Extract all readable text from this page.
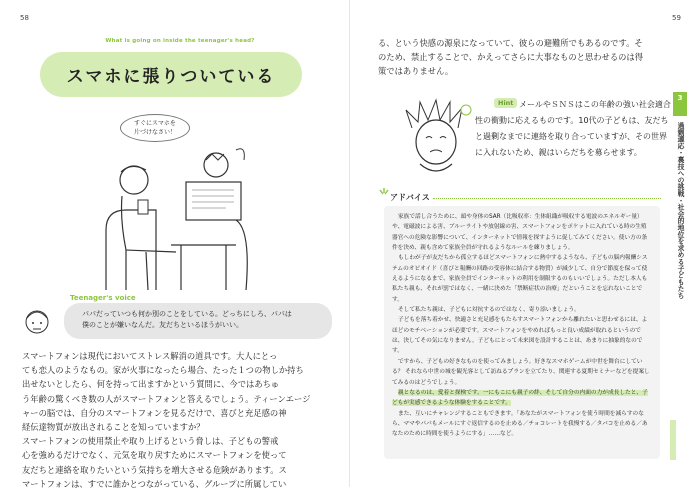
58
What is going on inside the teenager's head?
スマホに張りついている
すぐにスマホを
片づけなさい！
Teenager's voice
パパだっていつも何か別のことをしている。どっちにしろ、パパは
僕のことが嫌いなんだ。友だちといるほうがいい。

スマートフォンは現代においてストレス解消の道具です。大人にとっ

ても恋人のようなもの。家が火事になったら場合、たった１つの物しか持ち

出せないとしたら、何を持って出ますかという質問に、今ではあちゅ

う年齢の驚くべき数の人がスマートフォンと答えるでしょう。ティーンエージ

ャーの脳では、自分のスマートフォンを見るだけで、喜びと充足感の神

経伝達物質が放出されることを知っていますか？

スマートフォンの使用禁止や取り上げるという脅しは、子どもの警戒

心を強めるだけでなく、元気を取り戻すためにスマートフォンを使って

友だちと連絡を取りたいという気持ちを増大させる危険があります。ス

マートフォンは、すでに誰かとつながっている、グループに所属してい

59
る、という快感の源泉になっていて、彼らの避難所でもあるのです。そ
のため、禁止することで、かえってさらに大事なものと思わせるのは得
策ではありません。
メールやＳＮＳはこの年齢の強い社会適合性の衝動に応えるものです。10代の子どもは、友だちと過剰なまでに連絡を取り合っていますが、その世界に入れないため、親はいらだちを募らせます。
Hint
アドバイス

家族で話し合うために、頭や身体のSAR（比吸収率：生体組織が吸収する電波のエネルギー量）や、電磁波による害、ブルーライトや放射線の害、スマートフォンをポケットに入れている時の生殖器官への危険な影響について、インターネットで情報を探すように促してみてください。使い方の条件を決め、親も含めて家族全員が守れるようなルールを練りましょう。

もしわが子が友だちから孤立するほどスマートフォンに熱中するようなら、子どもの脳内報酬システムのオピオイド（喜びと報酬の回路の受容体に結合する物質）が減少して、自分で節度を保って使えるようになるまで、家族全員でインターネットの利用を制限するのもいいでしょう。ただし本人も私たち親も、それが罰ではなく、一緒に決めた「禁断症状の治療」だということを忘れないことです。

そして私たち親は、子どもに対抗するのではなく、寄り添いましょう。

子どもを落ち着かせ、快適さと充足感をもたらすスマートフォンから離れたいと思わせるには、よほどのモチベーションが必要です。スマートフォンをやめればもっと良い成績が取れるというのでは、決してその気になりません。子どもにとって未来図を設計することは、あまりに抽象的なのです。

ですから、子どもの好きなものを使ってみましょう。好きなスマホゲームが中世を舞台にしている？ それなら中世の城を観光客として訪ねるプランを立てたり、関連する夏期セミナーなどを提案してみるのはどうでしょう。

親となるのは、愛着と探検です。一にもこにも親子の絆、そして自分の内面の力が成長したと、子どもが実感できるような体験をすることです。

また、互いにチャレンジすることもできます。「あなたがスマートフォンを使う時間を減らすのなら、ママやパパもメールにすぐ返信するのを止める／チョコレートを我慢する／タバコを止める／あなたのために時間を使うようにする」……など。

3
過剰適応・裏技への挑戦・社会的地位を求める子どもたち
